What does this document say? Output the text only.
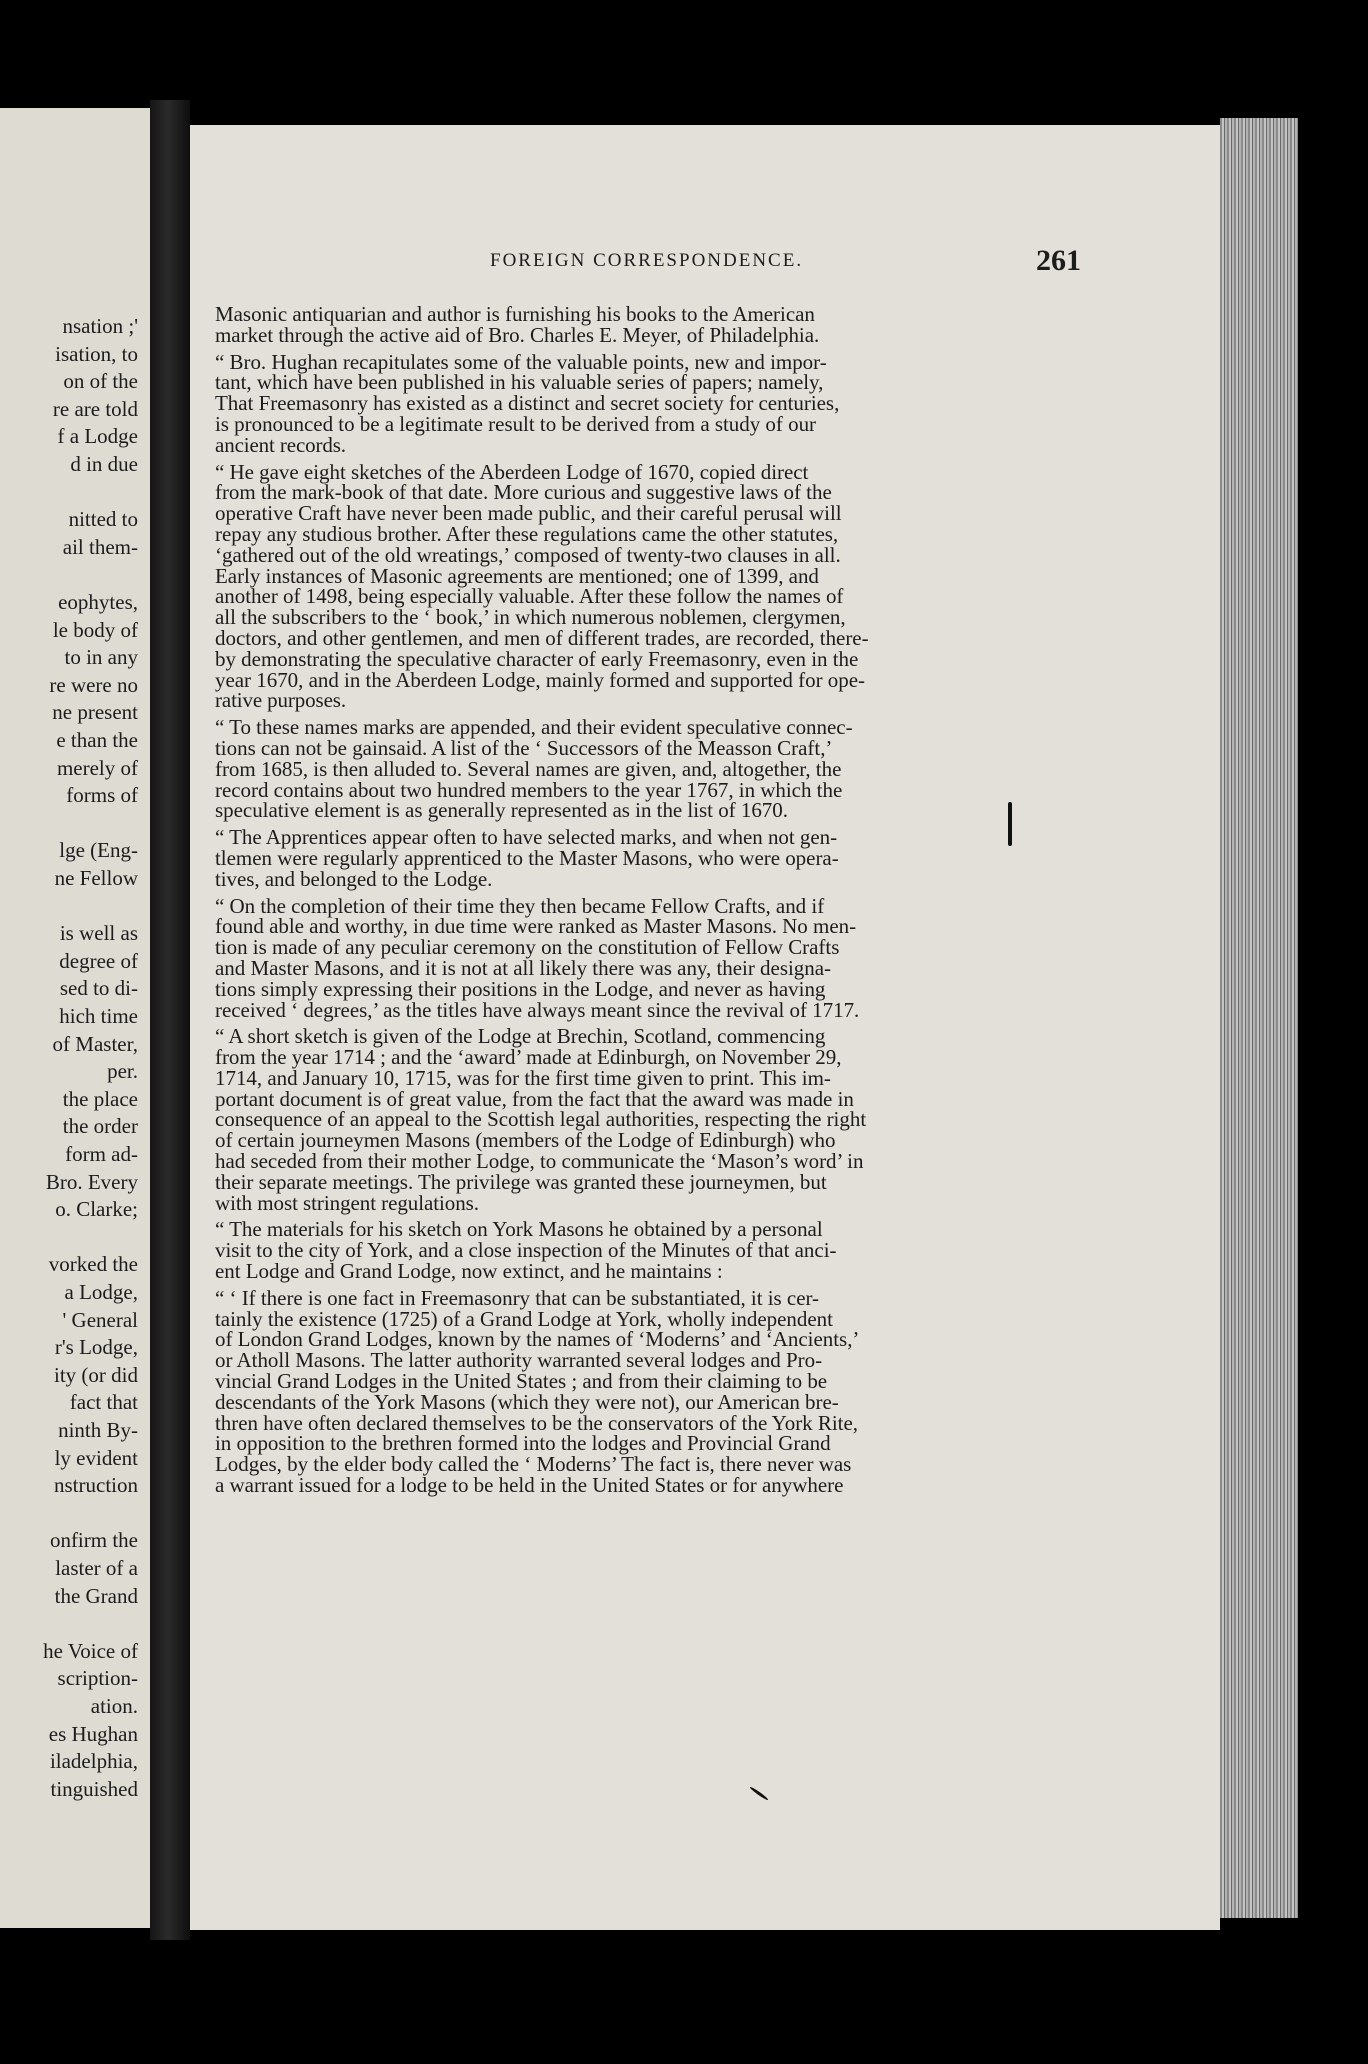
nsation ;'
isation, to
on of the
re are told
f a Lodge
d in due
nitted to
ail them-
eophytes,
le body of
to in any
re were no
ne present
e than the
merely of
forms of
lge (Eng-
ne Fellow
is well as
degree of
sed to di-
hich time
of Master,
per.
the place
the order
form ad-
Bro. Every
o. Clarke;
vorked the
a Lodge,
' General
r's Lodge,
ity (or did
fact that
ninth By-
ly evident
nstruction
onfirm the
laster of a
the Grand
he Voice of
scription-
ation.
es Hughan
iladelphia,
tinguished
FOREIGN CORRESPONDENCE.	261
Masonic antiquarian and author is furnishing his books to the American
market through the active aid of Bro. Charles E. Meyer, of Philadelphia.
“ Bro. Hughan recapitulates some of the valuable points, new and impor-
tant, which have been published in his valuable series of papers; namely,
That Freemasonry has existed as a distinct and secret society for centuries,
is pronounced to be a legitimate result to be derived from a study of our
ancient records.
“ He gave eight sketches of the Aberdeen Lodge of 1670, copied direct
from the mark-book of that date. More curious and suggestive laws of the
operative Craft have never been made public, and their careful perusal will
repay any studious brother. After these regulations came the other statutes,
‘gathered out of the old wreatings,’ composed of twenty-two clauses in all.
Early instances of Masonic agreements are mentioned; one of 1399, and
another of 1498, being especially valuable. After these follow the names of
all the subscribers to the ‘ book,’ in which numerous noblemen, clergymen,
doctors, and other gentlemen, and men of different trades, are recorded, there-
by demonstrating the speculative character of early Freemasonry, even in the
year 1670, and in the Aberdeen Lodge, mainly formed and supported for ope-
rative purposes.
“ To these names marks are appended, and their evident speculative connec-
tions can not be gainsaid. A list of the ‘ Successors of the Measson Craft,’
from 1685, is then alluded to. Several names are given, and, altogether, the
record contains about two hundred members to the year 1767, in which the
speculative element is as generally represented as in the list of 1670.
“ The Apprentices appear often to have selected marks, and when not gen-
tlemen were regularly apprenticed to the Master Masons, who were opera-
tives, and belonged to the Lodge.
“ On the completion of their time they then became Fellow Crafts, and if
found able and worthy, in due time were ranked as Master Masons. No men-
tion is made of any peculiar ceremony on the constitution of Fellow Crafts
and Master Masons, and it is not at all likely there was any, their designa-
tions simply expressing their positions in the Lodge, and never as having
received ‘ degrees,’ as the titles have always meant since the revival of 1717.
“ A short sketch is given of the Lodge at Brechin, Scotland, commencing
from the year 1714 ; and the ‘award’ made at Edinburgh, on November 29,
1714, and January 10, 1715, was for the first time given to print. This im-
portant document is of great value, from the fact that the award was made in
consequence of an appeal to the Scottish legal authorities, respecting the right
of certain journeymen Masons (members of the Lodge of Edinburgh) who
had seceded from their mother Lodge, to communicate the ‘Mason’s word’ in
their separate meetings. The privilege was granted these journeymen, but
with most stringent regulations.
“ The materials for his sketch on York Masons he obtained by a personal
visit to the city of York, and a close inspection of the Minutes of that anci-
ent Lodge and Grand Lodge, now extinct, and he maintains :
“ ‘ If there is one fact in Freemasonry that can be substantiated, it is cer-
tainly the existence (1725) of a Grand Lodge at York, wholly independent
of London Grand Lodges, known by the names of ‘Moderns’ and ‘Ancients,’
or Atholl Masons. The latter authority warranted several lodges and Pro-
vincial Grand Lodges in the United States ; and from their claiming to be
descendants of the York Masons (which they were not), our American bre-
thren have often declared themselves to be the conservators of the York Rite,
in opposition to the brethren formed into the lodges and Provincial Grand
Lodges, by the elder body called the ‘ Moderns’ The fact is, there never was
a warrant issued for a lodge to be held in the United States or for anywhere
